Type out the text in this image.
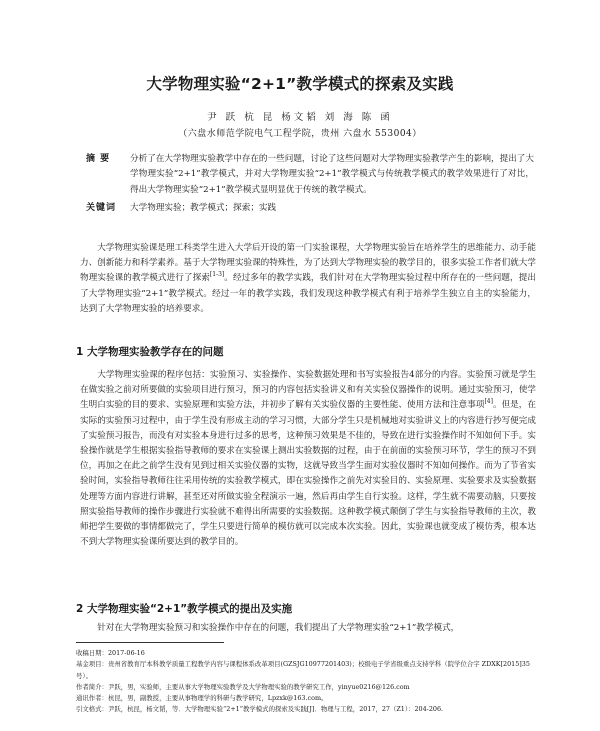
大学物理实验“2+1”教学模式的探索及实践
尹 跃 杭 昆 杨文韬 刘 海 陈 函
（六盘水师范学院电气工程学院，贵州 六盘水 553004）
摘 要	分析了在大学物理实验教学中存在的一些问题，讨论了这些问题对大学物理实验教学产生的影响，提出了大学物理实验“2+1”教学模式，并对大学物理实验“2+1”教学模式与传统教学模式的教学效果进行了对比，得出大学物理实验“2+1”教学模式显明显优于传统的教学模式。
关键词	大学物理实验；教学模式；探索；实践

大学物理实验课是理工科类学生进入大学后开设的第一门实验课程，大学物理实验旨在培养学生的思维能力、动手能力、创新能力和科学素养。基于大学物理实验课的特殊性，为了达到大学物理实验的教学目的，很多实验工作者们就大学物理实验课的教学模式进行了探索[1-3]。经过多年的教学实践，我们针对在大学物理实验过程中所存在的一些问题，提出了大学物理实验“2+1”教学模式。经过一年的教学实践，我们发现这种教学模式有利于培养学生独立自主的实验能力，达到了大学物理实验的培养要求。

1 大学物理实验教学存在的问题

大学物理实验课的程序包括：实验预习、实验操作、实验数据处理和书写实验报告4部分的内容。实验预习就是学生在做实验之前对所要做的实验项目进行预习，预习的内容包括实验讲义和有关实验仪器操作的说明。通过实验预习，使学生明白实验的目的要求、实验原理和实验方法，并初步了解有关实验仪器的主要性能、使用方法和注意事项[4]。但是，在实际的实验预习过程中，由于学生没有形成主动的学习习惯，大部分学生只是机械地对实验讲义上的内容进行抄写便完成了实验预习报告，而没有对实验本身进行过多的思考，这种预习效果是不佳的，导致在进行实验操作时不知如何下手。实验操作就是学生根据实验指导教师的要求在实验课上测出实验数据的过程，由于在前面的实验预习环节，学生的预习不到位，再加之在此之前学生没有见到过相关实验仪器的实物，这就导致当学生面对实验仪器时不知如何操作。而为了节省实验时间，实验指导教师往往采用传统的实验教学模式，即在实验操作之前先对实验目的、实验原理、实验要求及实验数据处理等方面内容进行讲解，甚至还对所做实验全程演示一遍，然后再由学生自行实验。这样，学生就不需要动脑，只要按照实验指导教师的操作步骤进行实验就不难得出所需要的实验数据。这种教学模式颠倒了学生与实验指导教师的主次，教师把学生要做的事情都做完了，学生只要进行简单的模仿就可以完成本次实验。因此，实验课也就变成了模仿秀，根本达不到大学物理实验课所要达到的教学目的。

2 大学物理实验“2+1”教学模式的提出及实施

针对在大学物理实验预习和实验操作中存在的问题，我们提出了大学物理实验“2+1”教学模式，

收稿日期：2017-06-16

基金项目：贵州省教育厅本科教学质量工程教学内容与课程体系改革项目(GZSJG10977201403)；校级电子学省级重点支持学科（院学位合字 ZDXK[2015]35号）。

作者简介：尹跃，男，实验师，主要从事大学物理实验教学及大学物理实验的教学研究工作，yinyue0216@126.com

通讯作者：杭昆，男，副教授，主要从事物理学的科研与教学研究，Lpzxk@163.com。

引文格式：尹跃，杭昆，杨文韬，等．大学物理实验“2+1”教学模式的探索及实践[J]．物理与工程，2017，27（Z1）：204-206.
